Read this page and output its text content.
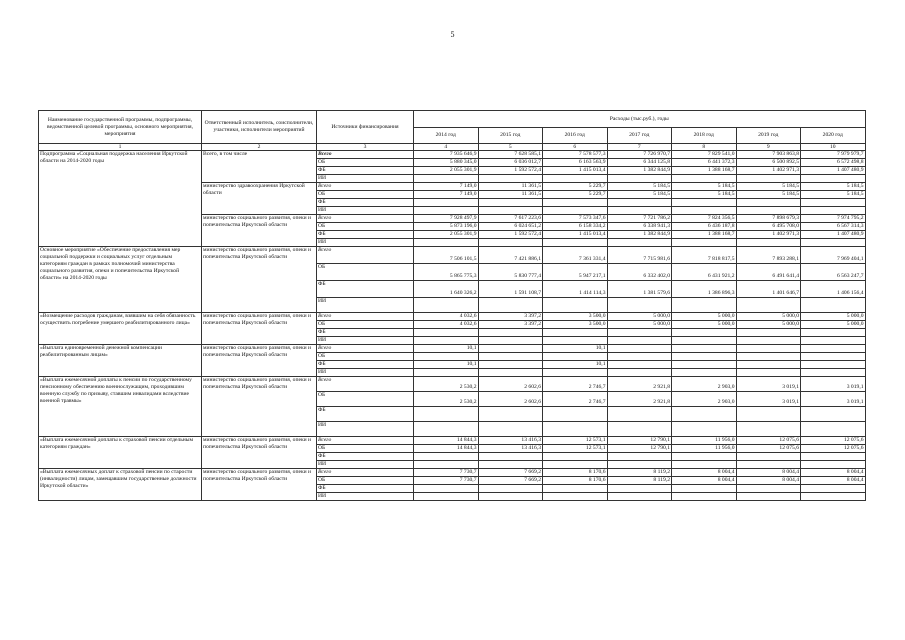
5
Наименование государственной программы, подпрограммы, ведомственной целевой программы, основного мероприятия, мероприятия	Ответственный исполнитель, соисполнители, участники, исполнители мероприятий	Источники финансирования	Расходы (тыс.руб.), годы						
			2014 год	2015 год	2016 год	2017 год	2018 год	2019 год	2020 год
1	2	3	4	5	6	7	8	9	10
Подпрограмма «Социальная поддержка населения Иркутской области на 2014-2020 годы	Всего, в том числе	Всего	7 935 646,9	7 628 585,1	7 578 577,3	7 726 970,7	7 829 541,0	7 903 863,8	7 979 979,7
		ОБ	5 880 345,0	6 036 012,7	6 163 563,9	6 344 125,8	6 441 372,3	6 500 892,5	6 572 498,8
		ФБ	2 055 301,9	1 592 572,4	1 415 013,4	1 382 844,9	1 388 168,7	1 402 971,3	1 407 480,9
		ИИ							
	министерство здравоохранения Иркутской области	Всего	7 149,0	11 361,5	5 229,7	5 184,5	5 184,5	5 184,5	5 184,5
		ОБ	7 149,0	11 361,5	5 229,7	5 184,5	5 184,5	5 184,5	5 184,5
		ФБ							
		ИИ							
	министерство социального развития, опеки и попечительства Иркутской области	Всего	7 928 497,9	7 617 223,6	7 573 347,6	7 721 786,2	7 824 356,5	7 898 679,3	7 974 795,2
		ОБ	5 873 196,0	6 024 651,2	6 158 334,2	6 338 941,3	6 436 187,8	6 495 708,0	6 567 314,3
		ФБ	2 055 301,9	1 592 572,4	1 415 013,4	1 382 844,9	1 388 168,7	1 402 971,3	1 407 480,9
		ИИ							
Основное мероприятие «Обеспечение предоставления мер социальной поддержки и социальных услуг отдельным категориям граждан в рамках полномочий министерства социального развития, опеки и попечительства Иркутской области» на 2014-2020 годы	министерство социального развития, опеки и попечительства Иркутской области	Всего	7 506 101,5	7 421 886,1	7 361 331,4	7 715 981,6	7 818 817,5	7 893 288,1	7 969 404,1
		ОБ	5 865 775,3	5 830 777,4	5 947 217,1	6 332 402,0	6 431 921,2	6 491 641,4	6 563 247,7
		ФБ	1 640 326,2	1 591 108,7	1 414 114,3	1 381 579,6	1 386 896,3	1 401 646,7	1 406 156,4
		ИИ							
«Возмещение расходов гражданам, взявшим на себя обязанность осуществить погребение умершего реабилитированного лица»	министерство социального развития, опеки и попечительства Иркутской области	Всего	4 032,6	3 397,2	3 500,0	5 000,0	5 000,0	5 000,0	5 000,0
		ОБ	4 032,6	3 397,2	3 500,0	5 000,0	5 000,0	5 000,0	5 000,0
		ФБ							
		ИИ							
«Выплата единовременной денежной компенсации реабилитированным лицам»	министерство социального развития, опеки и попечительства Иркутской области	Всего	10,1		10,1				
		ОБ							
		ФБ	10,1		10,1				
		ИИ							
«Выплата ежемесячной доплаты к пенсии по государственному пенсионному обеспечению военнослужащим, проходившим военную службу по призыву, ставшим инвалидами вследствие военной травмы»	министерство социального развития, опеки и попечительства Иркутской области	Всего	2 530,2	2 602,6	2 746,7	2 921,8	2 903,0	3 019,1	3 019,1
		ОБ	2 530,2	2 602,6	2 746,7	2 921,8	2 903,0	3 019,1	3 019,1
		ФБ							
		ИИ							
«Выплата ежемесячной доплаты к страховой пенсии отдельным категориям граждан»	министерство социального развития, опеки и попечительства Иркутской области	Всего	14 844,3	13 416,3	12 573,1	12 790,1	11 956,0	12 075,6	12 075,6
		ОБ	14 844,3	13 416,3	12 573,1	12 790,1	11 956,0	12 075,6	12 075,6
		ФБ							
		ИИ							
«Выплата ежемесячных доплат к страховой пенсии по старости (инвалидности) лицам, замещавшим государственные должности Иркутской области»	министерство социального развития, опеки и попечительства Иркутской области	Всего	7 730,7	7 669,2	8 170,6	8 119,2	8 004,4	8 004,4	8 004,4
		ОБ	7 730,7	7 669,2	8 170,6	8 119,2	8 004,4	8 004,4	8 004,4
		ФБ							
		ИИ							
